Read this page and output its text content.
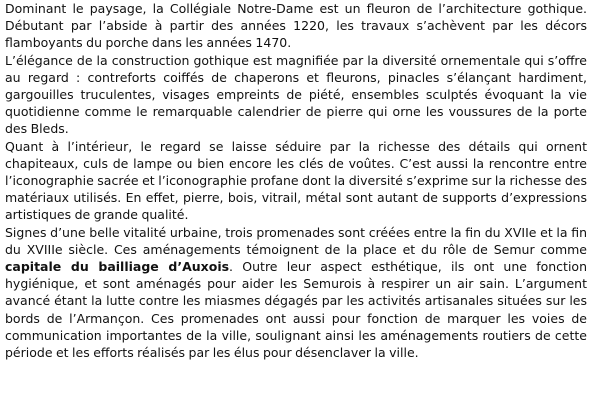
Dominant le paysage, la Collégiale Notre-Dame est un fleuron de l’architecture gothique. Débutant par l’abside à partir des années 1220, les travaux s’achèvent par les décors flamboyants du porche dans les années 1470.

L’élégance de la construction gothique est magnifiée par la diversité ornementale qui s’offre au regard : contreforts coiffés de chaperons et fleurons, pinacles s’élançant hardiment, gargouilles truculentes, visages empreints de piété, ensembles sculptés évoquant la vie quotidienne comme le remarquable calendrier de pierre qui orne les voussures de la porte des Bleds.

Quant à l’intérieur, le regard se laisse séduire par la richesse des détails qui ornent chapiteaux, culs de lampe ou bien encore les clés de voûtes. C’est aussi la rencontre entre l’iconographie sacrée et l’iconographie profane dont la diversité s’exprime sur la richesse des matériaux utilisés. En effet, pierre, bois, vitrail, métal sont autant de supports d’expressions artistiques de grande qualité.

Signes d’une belle vitalité urbaine, trois promenades sont créées entre la fin du XVIIe et la fin du XVIIIe siècle. Ces aménagements témoignent de la place et du rôle de Semur comme capitale du bailliage d’Auxois. Outre leur aspect esthétique, ils ont une fonction hygiénique, et sont aménagés pour aider les Semurois à respirer un air sain. L’argument avancé étant la lutte contre les miasmes dégagés par les activités artisanales situées sur les bords de l’Armançon. Ces promenades ont aussi pour fonction de marquer les voies de communication importantes de la ville, soulignant ainsi les aménagements routiers de cette période et les efforts réalisés par les élus pour désenclaver la ville.
